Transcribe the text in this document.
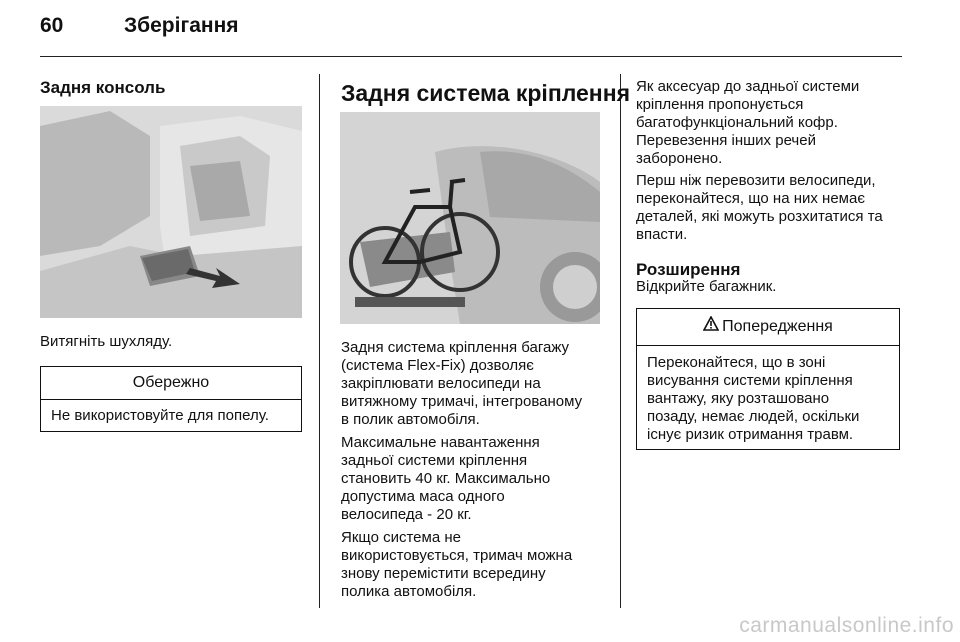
60	Зберігання
Задня консоль

Витягніть шухляду.

Обережно
Не використовуйте для попелу.
Задня система кріплення
Задня система кріплення багажу
(система Flex-Fix) дозволяє
закріплювати велосипеди на
витяжному тримачі, інтегрованому
в полик автомобіля.
Максимальне навантаження
задньої системи кріплення
становить 40 кг. Максимально
допустима маса одного
велосипеда - 20 кг.
Якщо система не
використовується, тримач можна
знову перемістити всередину
полика автомобіля.
Як аксесуар до задньої системи
кріплення пропонується
багатофункціональний кофр.
Перевезення інших речей
заборонено.
Перш ніж перевозити велосипеди,
переконайтеся, що на них немає
деталей, які можуть розхитатися та
впасти.
Розширення

Відкрийте багажник.

Попередження
Переконайтеся, що в зоні
висування системи кріплення
вантажу, яку розташовано
позаду, немає людей, оскільки
існує ризик отримання травм.
carmanualsonline.info
